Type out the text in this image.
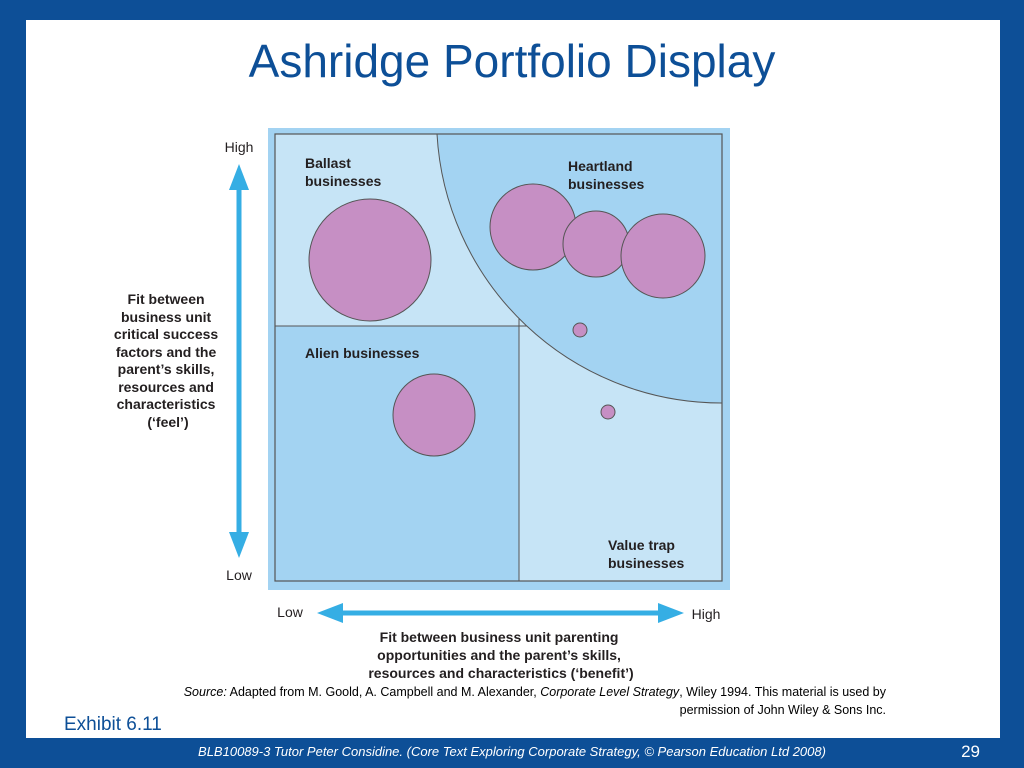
Ashridge Portfolio Display
Ballast businesses
Heartland businesses
Alien businesses
Value trap businesses
High
Low
Fit between business unit critical success factors and the parent’s skills, resources and characteristics (‘feel’)
Low	High
Fit between business unit parenting opportunities and the parent’s skills, resources and characteristics (‘benefit’)
Source: Adapted from M. Goold, A. Campbell and M. Alexander, Corporate Level Strategy, Wiley 1994. This material is used by
permission of John Wiley & Sons Inc.
Exhibit 6.11
BLB10089-3 Tutor Peter Considine. (Core Text Exploring Corporate Strategy, © Pearson Education Ltd 2008)	29
